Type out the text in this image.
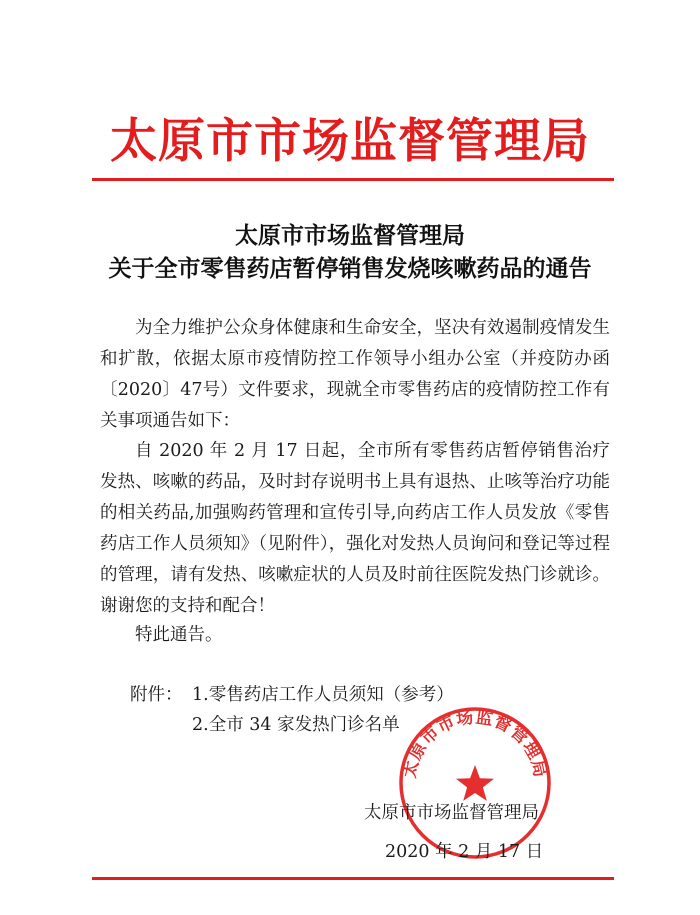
太原市市场监督管理局
太原市市场监督管理局
关于全市零售药店暂停销售发烧咳嗽药品的通告
为全力维护公众身体健康和生命安全，坚决有效遏制疫情发生和扩散，依据太原市疫情防控工作领导小组办公室（并疫防办函〔2020〕47号）文件要求，现就全市零售药店的疫情防控工作有关事项通告如下：
自 2020 年 2 月 17 日起，全市所有零售药店暂停销售治疗发热、咳嗽的药品，及时封存说明书上具有退热、止咳等治疗功能的相关药品,加强购药管理和宣传引导,向药店工作人员发放《零售药店工作人员须知》（见附件），强化对发热人员询问和登记等过程的管理，请有发热、咳嗽症状的人员及时前往医院发热门诊就诊。谢谢您的支持和配合！
特此通告。
附件： 1.零售药店工作人员须知（参考）
2.全市 34 家发热门诊名单
太原市市场监督管理局
太原市市场监督管理局
2020 年 2 月 17 日
